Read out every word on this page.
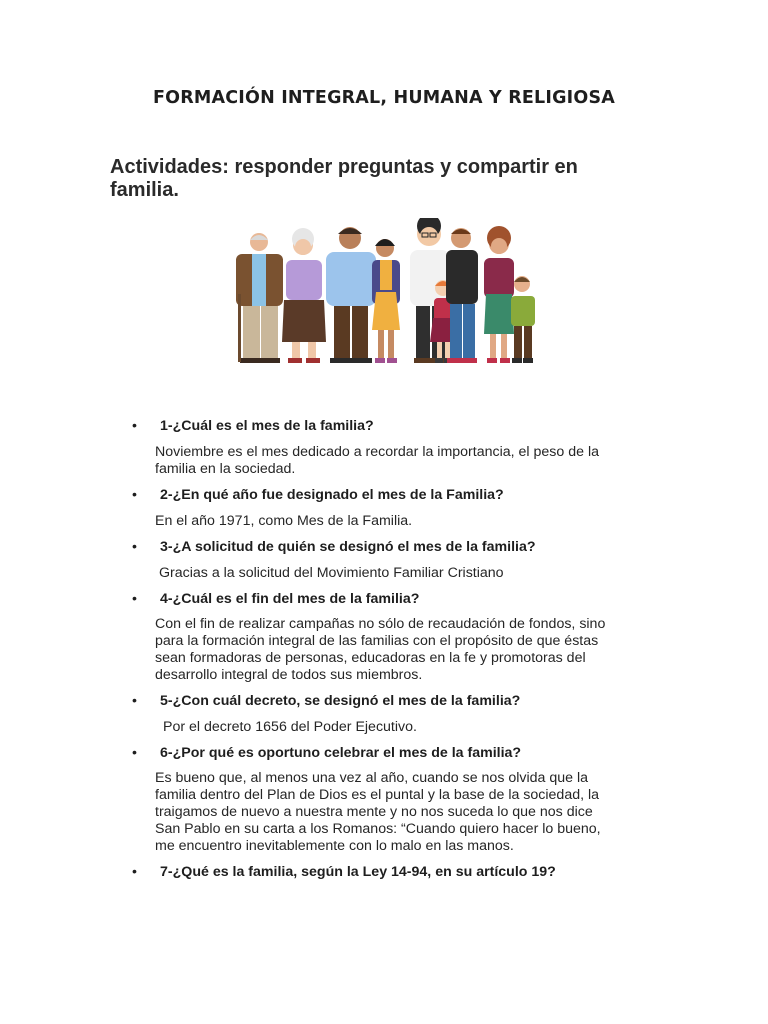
FORMACIÓN INTEGRAL, HUMANA Y RELIGIOSA
Actividades: responder preguntas y compartir en familia.
• 1-¿Cuál es el mes de la familia?
Noviembre es el mes dedicado a recordar la importancia, el peso de la
familia en la sociedad.
• 2-¿En qué año fue designado el mes de la Familia?
En el año 1971, como Mes de la Familia.
• 3-¿A solicitud de quién se designó el mes de la familia?
Gracias a la solicitud del Movimiento Familiar Cristiano
• 4-¿Cuál es el fin del mes de la familia?
Con el fin de realizar campañas no sólo de recaudación de fondos, sino
para la formación integral de las familias con el propósito de que éstas
sean formadoras de personas, educadoras en la fe y promotoras del
desarrollo integral de todos sus miembros.
• 5-¿Con cuál decreto, se designó el mes de la familia?
Por el decreto 1656 del Poder Ejecutivo.
• 6-¿Por qué es oportuno celebrar el mes de la familia?
Es bueno que, al menos una vez al año, cuando se nos olvida que la
familia dentro del Plan de Dios es el puntal y la base de la sociedad, la
traigamos de nuevo a nuestra mente y no nos suceda lo que nos dice
San Pablo en su carta a los Romanos: “Cuando quiero hacer lo bueno,
me encuentro inevitablemente con lo malo en las manos.
• 7-¿Qué es la familia, según la Ley 14-94, en su artículo 19?
